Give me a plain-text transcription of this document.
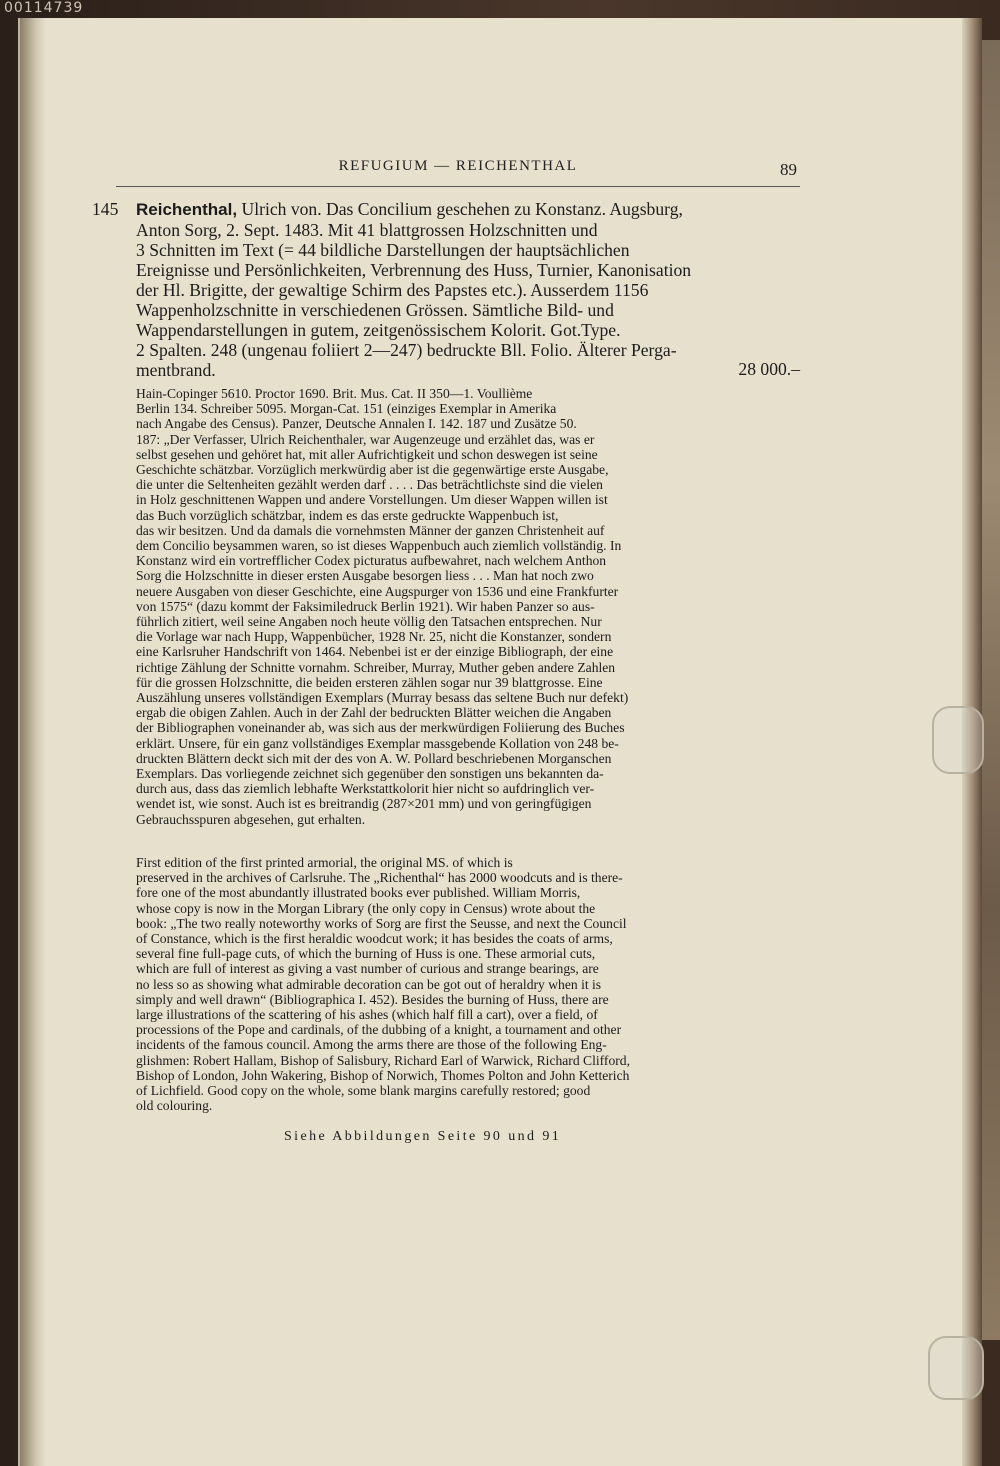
00114739
REFUGIUM — REICHENTHAL	89
145 Reichenthal, Ulrich von. Das Concilium geschehen zu Konstanz. Augsburg,
Anton Sorg, 2. Sept. 1483. Mit 41 blattgrossen Holzschnitten und
3 Schnitten im Text (= 44 bildliche Darstellungen der hauptsächlichen
Ereignisse und Persönlichkeiten, Verbrennung des Huss, Turnier, Kanonisation
der Hl. Brigitte, der gewaltige Schirm des Papstes etc.). Ausserdem 1156
Wappenholzschnitte in verschiedenen Grössen. Sämtliche Bild- und
Wappendarstellungen in gutem, zeitgenössischem Kolorit. Got.Type.
2 Spalten. 248 (ungenau foliiert 2—247) bedruckte Bll. Folio. Älterer Perga-
mentbrand.	28 000.–
Hain-Copinger 5610. Proctor 1690. Brit. Mus. Cat. II 350—1. Voullième
Berlin 134. Schreiber 5095. Morgan-Cat. 151 (einziges Exemplar in Amerika
nach Angabe des Census). Panzer, Deutsche Annalen I. 142. 187 und Zusätze 50.
187: „Der Verfasser, Ulrich Reichenthaler, war Augenzeuge und erzählet das, was er
selbst gesehen und gehöret hat, mit aller Aufrichtigkeit und schon deswegen ist seine
Geschichte schätzbar. Vorzüglich merkwürdig aber ist die gegenwärtige erste Ausgabe,
die unter die Seltenheiten gezählt werden darf . . . . Das beträchtlichste sind die vielen
in Holz geschnittenen Wappen und andere Vorstellungen. Um dieser Wappen willen ist
das Buch vorzüglich schätzbar, indem es das erste gedruckte Wappenbuch ist,
das wir besitzen. Und da damals die vornehmsten Männer der ganzen Christenheit auf
dem Concilio beysammen waren, so ist dieses Wappenbuch auch ziemlich vollständig. In
Konstanz wird ein vortrefflicher Codex picturatus aufbewahret, nach welchem Anthon
Sorg die Holzschnitte in dieser ersten Ausgabe besorgen liess . . . Man hat noch zwo
neuere Ausgaben von dieser Geschichte, eine Augspurger von 1536 und eine Frankfurter
von 1575“ (dazu kommt der Faksimiledruck Berlin 1921). Wir haben Panzer so aus-
führlich zitiert, weil seine Angaben noch heute völlig den Tatsachen entsprechen. Nur
die Vorlage war nach Hupp, Wappenbücher, 1928 Nr. 25, nicht die Konstanzer, sondern
eine Karlsruher Handschrift von 1464. Nebenbei ist er der einzige Bibliograph, der eine
richtige Zählung der Schnitte vornahm. Schreiber, Murray, Muther geben andere Zahlen
für die grossen Holzschnitte, die beiden ersteren zählen sogar nur 39 blattgrosse. Eine
Auszählung unseres vollständigen Exemplars (Murray besass das seltene Buch nur defekt)
ergab die obigen Zahlen. Auch in der Zahl der bedruckten Blätter weichen die Angaben
der Bibliographen voneinander ab, was sich aus der merkwürdigen Foliierung des Buches
erklärt. Unsere, für ein ganz vollständiges Exemplar massgebende Kollation von 248 be-
druckten Blättern deckt sich mit der des von A. W. Pollard beschriebenen Morganschen
Exemplars. Das vorliegende zeichnet sich gegenüber den sonstigen uns bekannten da-
durch aus, dass das ziemlich lebhafte Werkstattkolorit hier nicht so aufdringlich ver-
wendet ist, wie sonst. Auch ist es breitrandig (287×201 mm) und von geringfügigen
Gebrauchsspuren abgesehen, gut erhalten.
First edition of the first printed armorial, the original MS. of which is
preserved in the archives of Carlsruhe. The „Richenthal“ has 2000 woodcuts and is there-
fore one of the most abundantly illustrated books ever published. William Morris,
whose copy is now in the Morgan Library (the only copy in Census) wrote about the
book: „The two really noteworthy works of Sorg are first the Seusse, and next the Council
of Constance, which is the first heraldic woodcut work; it has besides the coats of arms,
several fine full-page cuts, of which the burning of Huss is one. These armorial cuts,
which are full of interest as giving a vast number of curious and strange bearings, are
no less so as showing what admirable decoration can be got out of heraldry when it is
simply and well drawn“ (Bibliographica I. 452). Besides the burning of Huss, there are
large illustrations of the scattering of his ashes (which half fill a cart), over a field, of
processions of the Pope and cardinals, of the dubbing of a knight, a tournament and other
incidents of the famous council. Among the arms there are those of the following Eng-
glishmen: Robert Hallam, Bishop of Salisbury, Richard Earl of Warwick, Richard Clifford,
Bishop of London, John Wakering, Bishop of Norwich, Thomes Polton and John Ketterich
of Lichfield. Good copy on the whole, some blank margins carefully restored; good
old colouring.
Siehe Abbildungen Seite 90 und 91
